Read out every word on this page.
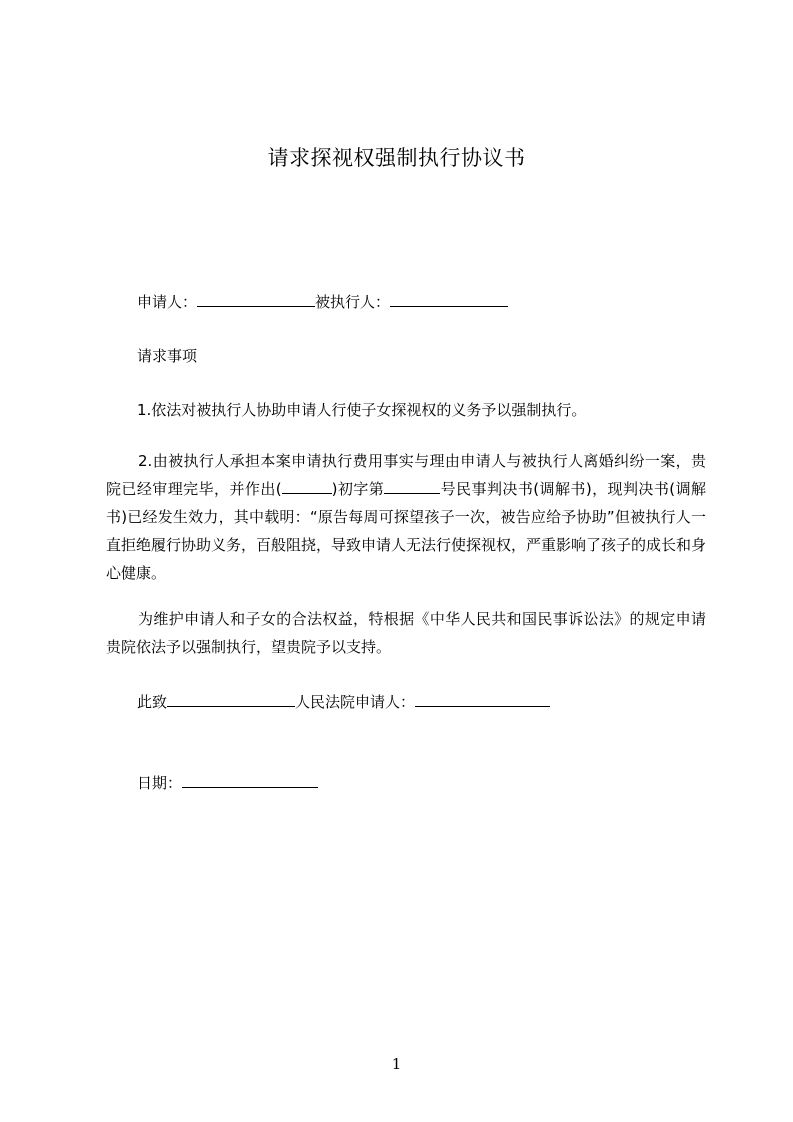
请求探视权强制执行协议书
申请人：	被执行人：
请求事项
1.依法对被执行人协助申请人行使子女探视权的义务予以强制执行。
2.由被执行人承担本案申请执行费用事实与理由申请人与被执行人离婚纠纷一案，贵院已经审理完毕，并作出(	)初字第	号民事判决书(调解书)，现判决书(调解书)已经发生效力，其中载明：“原告每周可探望孩子一次，被告应给予协助”但被执行人一直拒绝履行协助义务，百般阻挠，导致申请人无法行使探视权，严重影响了孩子的成长和身心健康。
为维护申请人和子女的合法权益，特根据《中华人民共和国民事诉讼法》的规定申请贵院依法予以强制执行，望贵院予以支持。
此致	人民法院申请人：
日期：
1
